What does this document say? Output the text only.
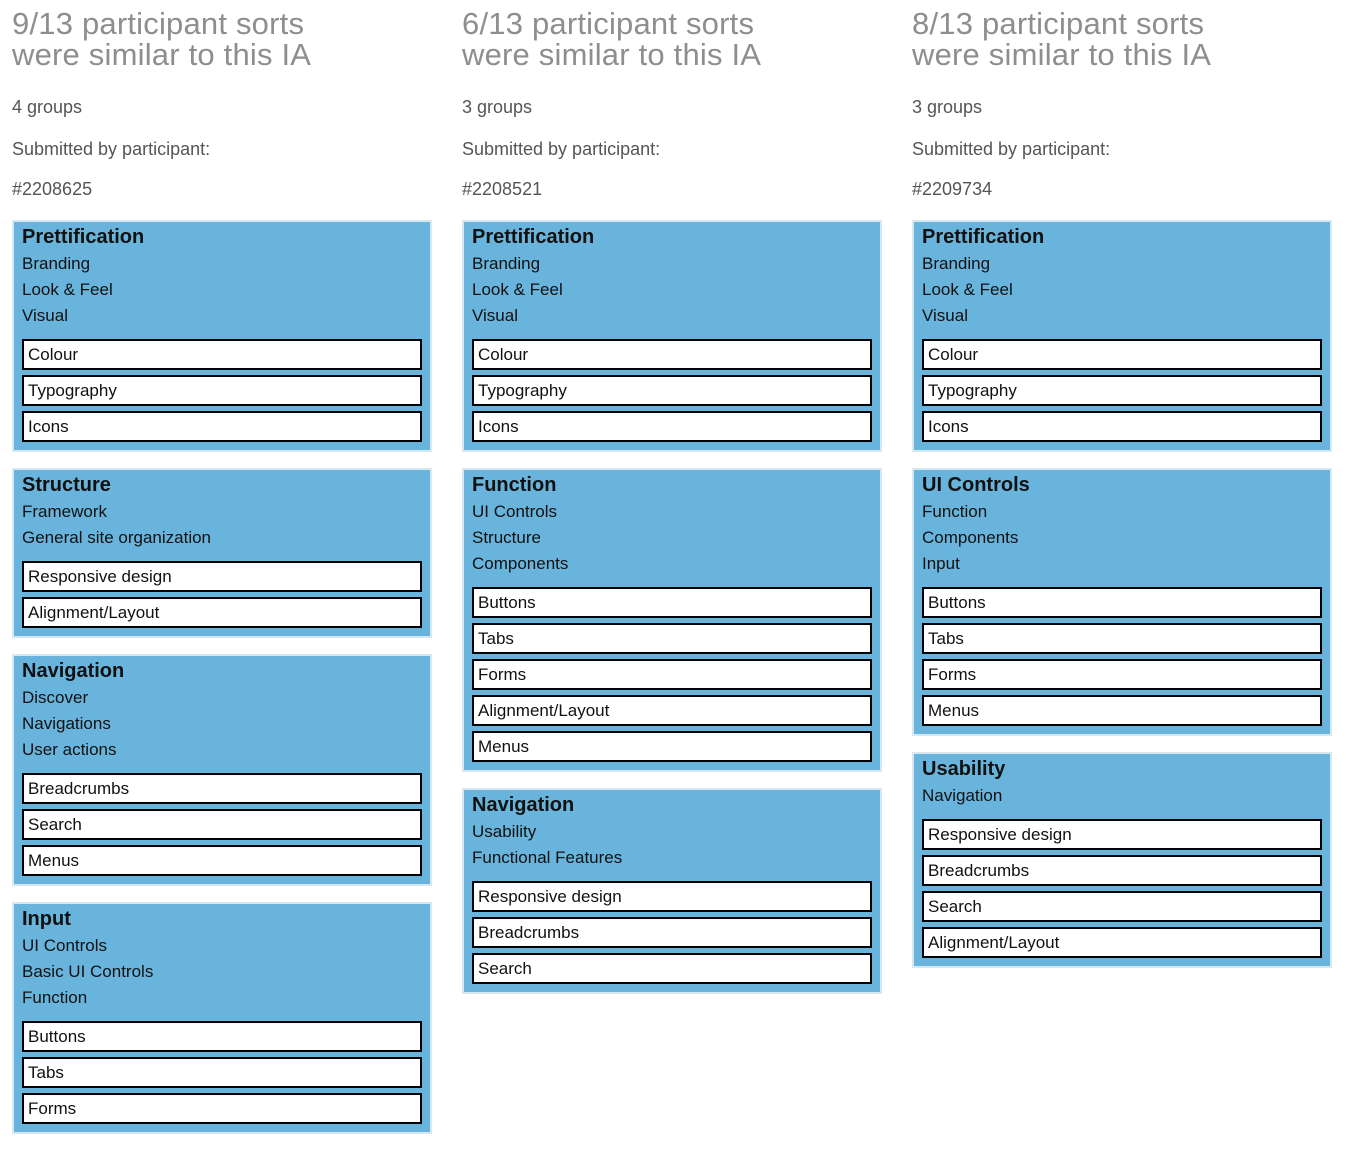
9/13 participant sorts
were similar to this IA
4 groups
Submitted by participant:
#2208625
Prettification
Branding
Look & Feel
Visual
Colour
Typography
Icons
Structure
Framework
General site organization
Responsive design
Alignment/Layout
Navigation
Discover
Navigations
User actions
Breadcrumbs
Search
Menus
Input
UI Controls
Basic UI Controls
Function
Buttons
Tabs
Forms
6/13 participant sorts
were similar to this IA
3 groups
Submitted by participant:
#2208521
Prettification
Branding
Look & Feel
Visual
Colour
Typography
Icons
Function
UI Controls
Structure
Components
Buttons
Tabs
Forms
Alignment/Layout
Menus
Navigation
Usability
Functional Features
Responsive design
Breadcrumbs
Search
8/13 participant sorts
were similar to this IA
3 groups
Submitted by participant:
#2209734
Prettification
Branding
Look & Feel
Visual
Colour
Typography
Icons
UI Controls
Function
Components
Input
Buttons
Tabs
Forms
Menus
Usability
Navigation
Responsive design
Breadcrumbs
Search
Alignment/Layout
